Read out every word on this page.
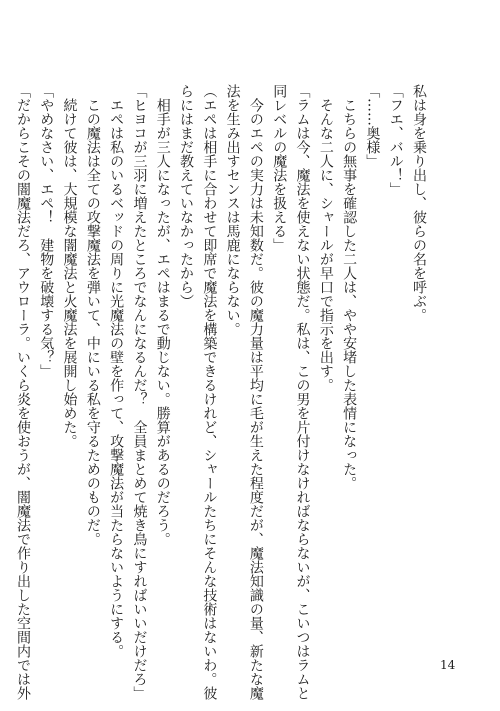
私は身を乗り出し、彼らの名を呼ぶ。
「フエ、バル！」
「……奥様」
　こちらの無事を確認した二人は、やや安堵した表情になった。
　そんな二人に、シャールが早口で指示を出す。
「ラムは今、魔法を使えない状態だ。私は、この男を片付けなければならないが、こいつはラムと
同レベルの魔法を扱える」
　今のエペの実力は未知数だ。彼の魔力量は平均に毛が生えた程度だが、魔法知識の量、新たな魔
法を生み出すセンスは馬鹿にならない。
（エペは相手に合わせて即席で魔法を構築できるけれど、シャールたちにそんな技術はないわ。彼
らにはまだ教えていなかったから）
　相手が三人になったが、エペはまるで動じない。勝算があるのだろう。
「ヒヨコが三羽に増えたところでなんになるんだ？　全員まとめて焼き鳥にすればいいだけだろ」
　エペは私のいるベッドの周りに光魔法の壁を作って、攻撃魔法が当たらないようにする。
　この魔法は全ての攻撃魔法を弾いて、中にいる私を守るためのものだ。
　続けて彼は、大規模な闇魔法と火魔法を展開し始めた。
「やめなさい、エペ！　建物を破壊する気？」
「だからこその闇魔法だろ、アウローラ。いくら炎を使おうが、闇魔法で作り出した空間内では外	14
